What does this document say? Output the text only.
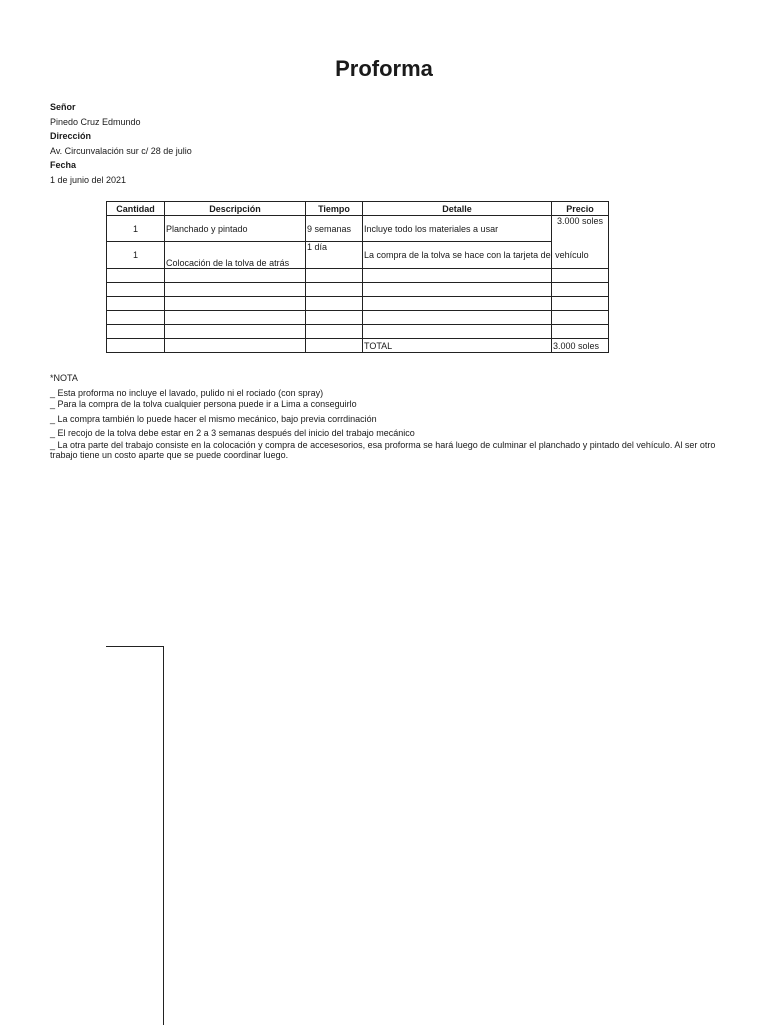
Proforma
Señor
Pinedo Cruz Edmundo
Dirección
Av. Circunvalación sur c/ 28 de julio
Fecha
1 de junio del 2021
Cantidad	Descripción	Tiempo	Detalle	Precio
1	Planchado y pintado	9 semanas	Incluye todo los materiales a usar	3.000 soles
1	Colocación de la tolva de atrás	1 día	La compra de la tolva se hace con la tarjeta del vehículo	

			TOTAL	3.000 soles
*NOTA
_ Esta proforma no incluye el lavado, pulido ni el rociado (con spray)
_ Para la compra de la tolva cualquier persona puede ir a Lima a conseguirlo
_ La compra también lo puede hacer el mismo mecánico, bajo previa corrdinación
_ El recojo de la tolva debe estar en 2 a 3 semanas después del inicio del trabajo mecánico
_ La otra parte del trabajo consiste en la colocación y compra de accesesorios, esa proforma se hará luego de culminar el planchado y pintado del vehículo. Al ser otro trabajo tiene un costo aparte que se puede coordinar luego.
